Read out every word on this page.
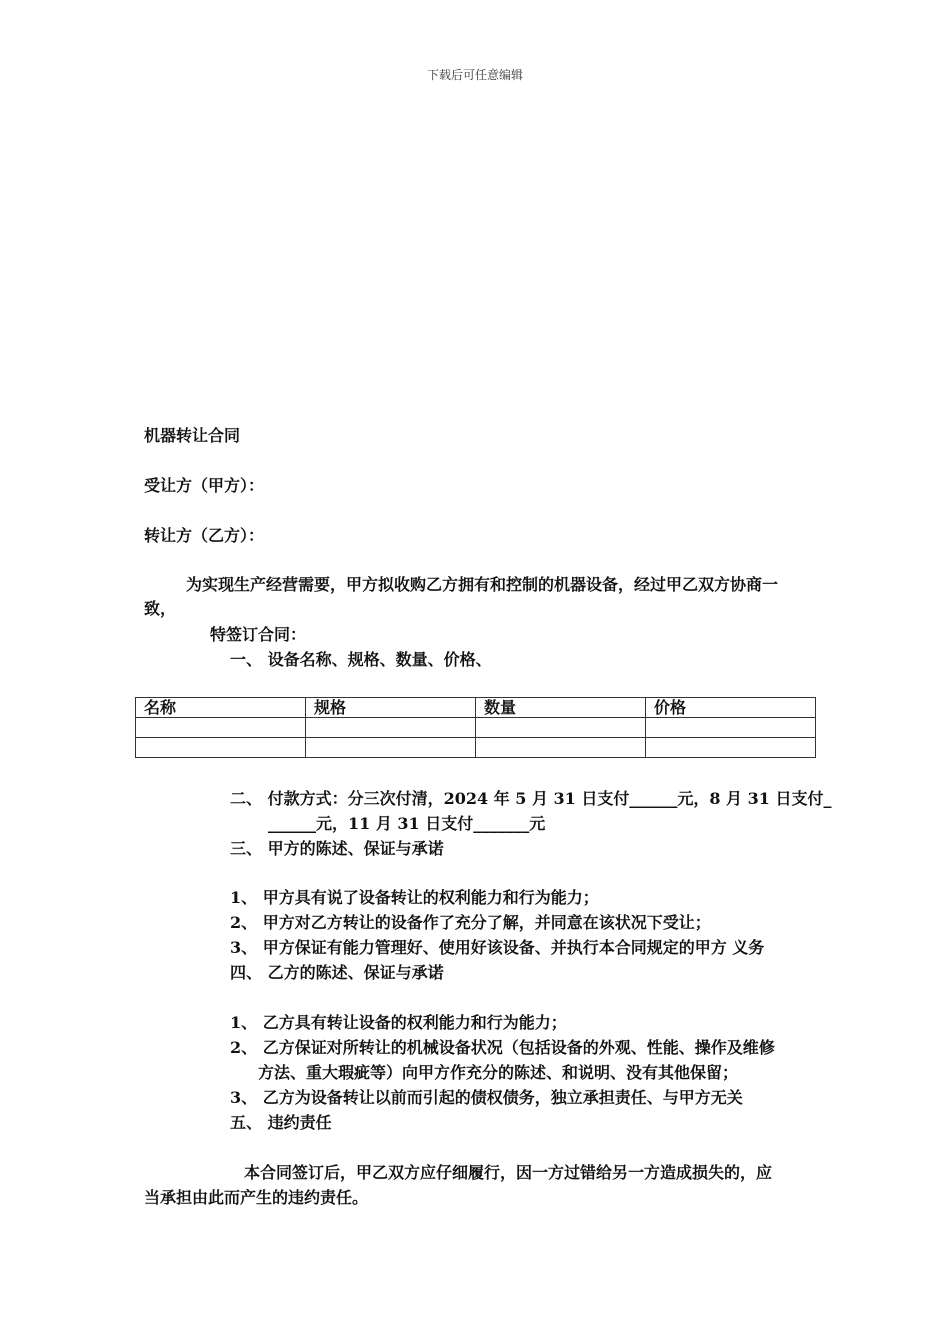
下载后可任意编辑
机器转让合同
受让方（甲方）：
转让方（乙方）：
为实现生产经营需要，甲方拟收购乙方拥有和控制的机器设备，经过甲乙双方协商一
致，
特签订合同：
一、 设备名称、规格、数量、价格、
名称	规格	数量	价格

二、 付款方式：分三次付清，2024 年 5 月 31 日支付______元，8 月 31 日支付_
______元，11 月 31 日支付_______元
三、 甲方的陈述、保证与承诺
1、 甲方具有说了设备转让的权利能力和行为能力；
2、 甲方对乙方转让的设备作了充分了解，并同意在该状况下受让；
3、 甲方保证有能力管理好、使用好该设备、并执行本合同规定的甲方 义务
四、 乙方的陈述、保证与承诺
1、 乙方具有转让设备的权利能力和行为能力；
2、 乙方保证对所转让的机械设备状况（包括设备的外观、性能、操作及维修
方法、重大瑕疵等）向甲方作充分的陈述、和说明、没有其他保留；
3、 乙方为设备转让以前而引起的债权债务，独立承担责任、与甲方无关
五、 违约责任
本合同签订后，甲乙双方应仔细履行，因一方过错给另一方造成损失的，应
当承担由此而产生的违约责任。
